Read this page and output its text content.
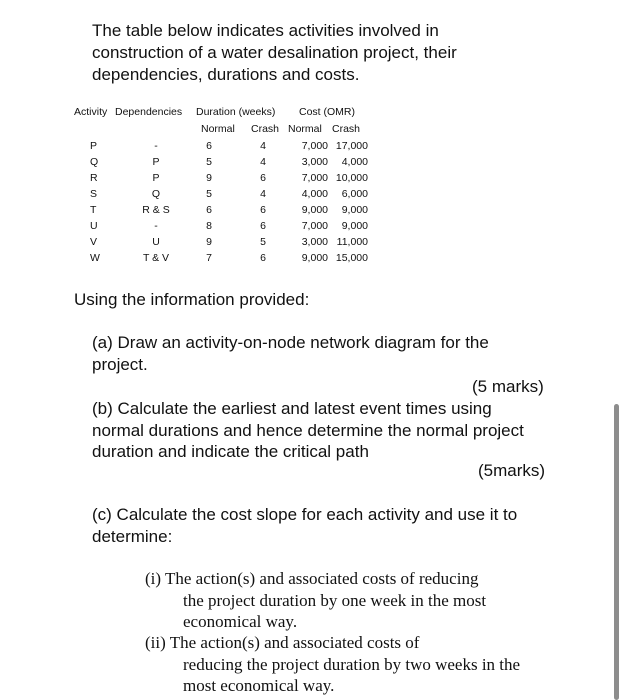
The table below indicates activities involved in construction of a water desalination project, their dependencies, durations and costs.
Activity Dependencies Duration (weeks) Cost (OMR)
Normal Crash Normal Crash
P	-	6	4	7,000 17,000
Q	P	5	4	3,000	4,000
R	P	9	6	7,000 10,000
S	Q	5	4	4,000	6,000
T	R & S	6	6	9,000	9,000
U	-	8	6	7,000	9,000
V	U	9	5	3,000 11,000
W	T & V	7	6	9,000 15,000
Using the information provided:
(a) Draw an activity-on-node network diagram for the project.
(5 marks)
(b) Calculate the earliest and latest event times using normal durations and hence determine the normal project duration and indicate the critical path
(5marks)
(c) Calculate the cost slope for each activity and use it to determine:
(i) The action(s) and associated costs of reducing
the project duration by one week in the most economical way.
(ii) The action(s) and associated costs of
reducing the project duration by two weeks in the most economical way.
